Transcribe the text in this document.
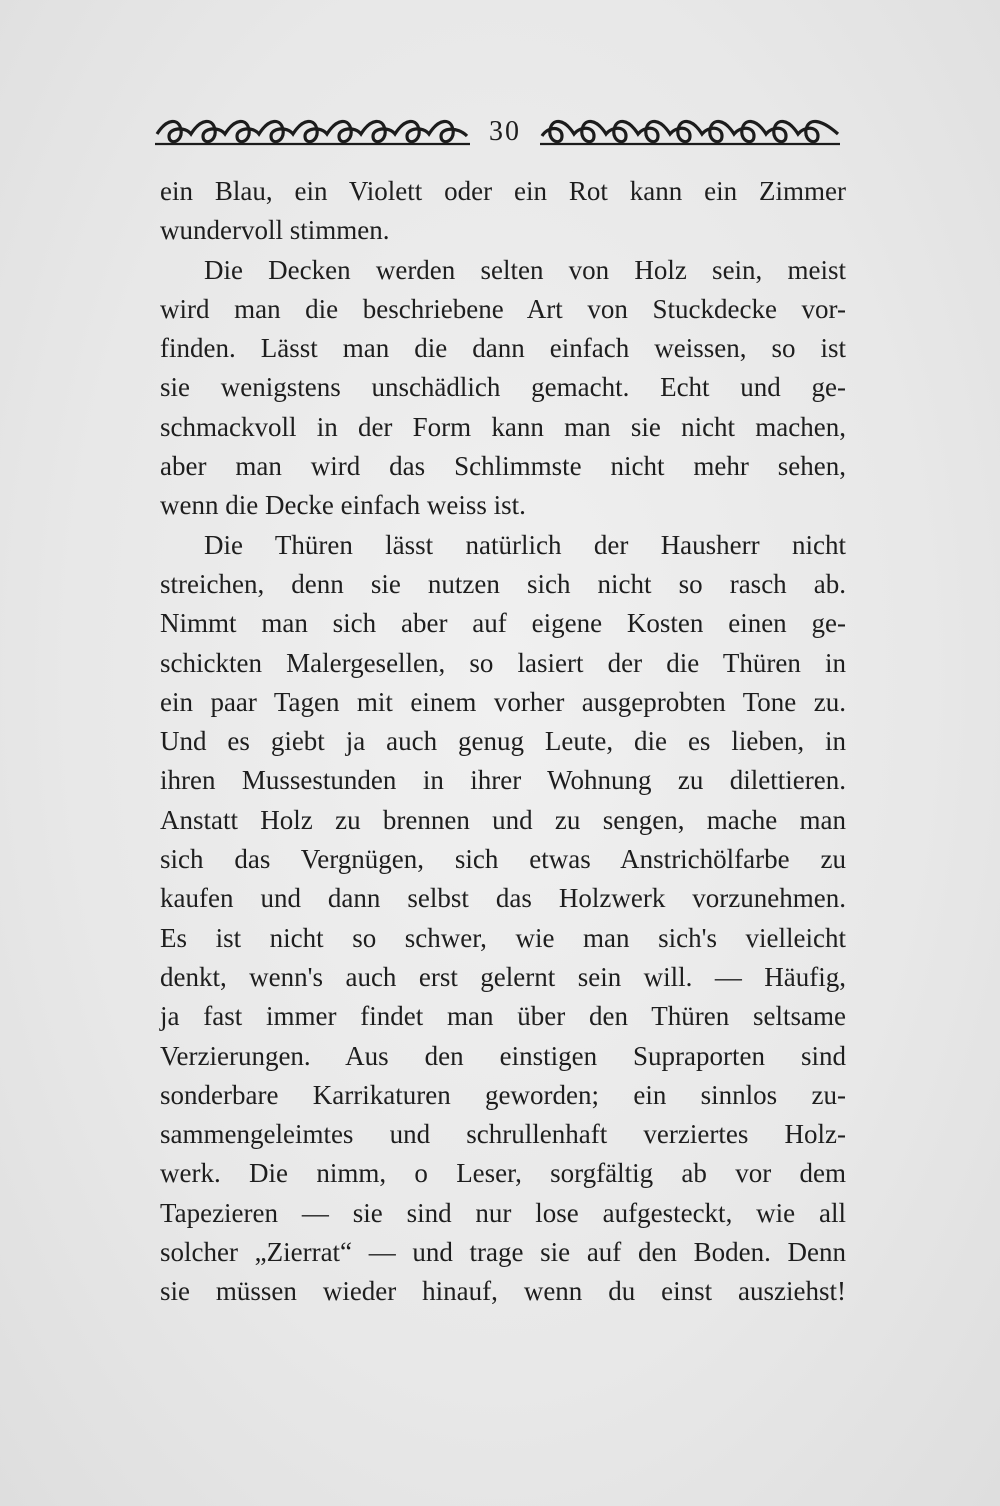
30
ein Blau, ein Violett oder ein Rot kann ein Zimmer
wundervoll stimmen.
Die Decken werden selten von Holz sein, meist
wird man die beschriebene Art von Stuckdecke vor-
finden. Lässt man die dann einfach weissen, so ist
sie wenigstens unschädlich gemacht. Echt und ge-
schmackvoll in der Form kann man sie nicht machen,
aber man wird das Schlimmste nicht mehr sehen,
wenn die Decke einfach weiss ist.
Die Thüren lässt natürlich der Hausherr nicht
streichen, denn sie nutzen sich nicht so rasch ab.
Nimmt man sich aber auf eigene Kosten einen ge-
schickten Malergesellen, so lasiert der die Thüren in
ein paar Tagen mit einem vorher ausgeprobten Tone zu.
Und es giebt ja auch genug Leute, die es lieben, in
ihren Mussestunden in ihrer Wohnung zu dilettieren.
Anstatt Holz zu brennen und zu sengen, mache man
sich das Vergnügen, sich etwas Anstrichölfarbe zu
kaufen und dann selbst das Holzwerk vorzunehmen.
Es ist nicht so schwer, wie man sich's vielleicht
denkt, wenn's auch erst gelernt sein will. — Häufig,
ja fast immer findet man über den Thüren seltsame
Verzierungen. Aus den einstigen Supraporten sind
sonderbare Karrikaturen geworden; ein sinnlos zu-
sammengeleimtes und schrullenhaft verziertes Holz-
werk. Die nimm, o Leser, sorgfältig ab vor dem
Tapezieren — sie sind nur lose aufgesteckt, wie all
solcher „Zierrat“ — und trage sie auf den Boden. Denn
sie müssen wieder hinauf, wenn du einst ausziehst!
